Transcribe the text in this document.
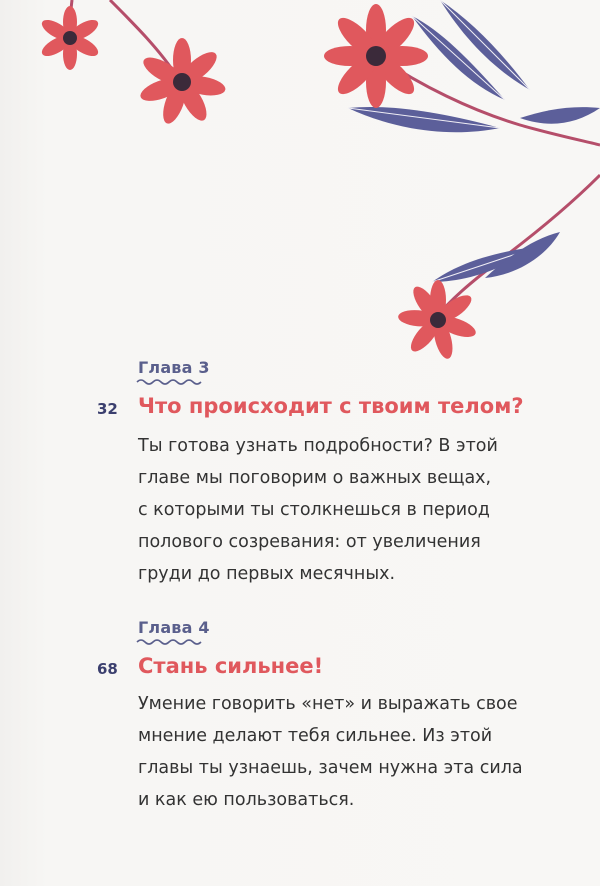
Глава 3
32 Что происходит с твоим телом?
Ты готова узнать подробности? В этой
главе мы поговорим о важных вещах,
с которыми ты столкнешься в период
полового созревания: от увеличения
груди до первых месячных.
Глава 4
68 Стань сильнее!
Умение говорить «нет» и выражать свое
мнение делают тебя сильнее. Из этой
главы ты узнаешь, зачем нужна эта сила
и как ею пользоваться.
